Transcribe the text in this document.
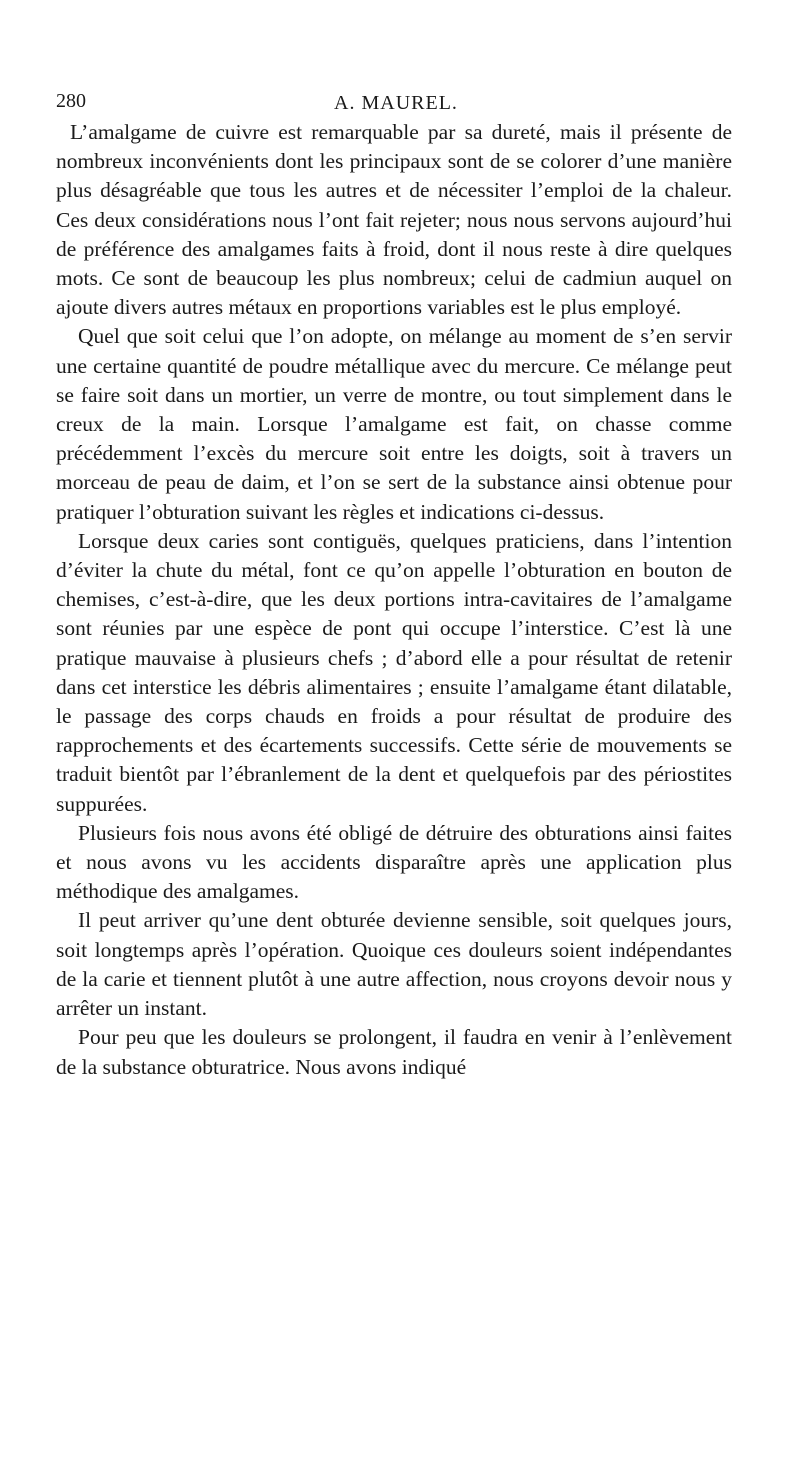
280	A. MAUREL.

L’amalgame de cuivre est remarquable par sa dureté, mais il présente de nombreux inconvénients dont les principaux sont de se colorer d’une manière plus désagréable que tous les autres et de nécessiter l’emploi de la chaleur. Ces deux considérations nous l’ont fait rejeter; nous nous servons aujourd’hui de préférence des amalgames faits à froid, dont il nous reste à dire quelques mots. Ce sont de beaucoup les plus nombreux; celui de cadmiun auquel on ajoute divers autres métaux en proportions variables est le plus employé.

Quel que soit celui que l’on adopte, on mélange au moment de s’en servir une certaine quantité de poudre métallique avec du mercure. Ce mélange peut se faire soit dans un mortier, un verre de montre, ou tout simplement dans le creux de la main. Lorsque l’amalgame est fait, on chasse comme précédemment l’excès du mercure soit entre les doigts, soit à travers un morceau de peau de daim, et l’on se sert de la substance ainsi obtenue pour pratiquer l’obturation suivant les règles et indications ci-dessus.

Lorsque deux caries sont contiguës, quelques praticiens, dans l’intention d’éviter la chute du métal, font ce qu’on appelle l’obturation en bouton de chemises, c’est-à-dire, que les deux portions intra-cavitaires de l’amalgame sont réunies par une espèce de pont qui occupe l’interstice. C’est là une pratique mauvaise à plusieurs chefs ; d’abord elle a pour résultat de retenir dans cet interstice les débris alimentaires ; ensuite l’amalgame étant dilatable, le passage des corps chauds en froids a pour résultat de produire des rapprochements et des écartements successifs. Cette série de mouvements se traduit bientôt par l’ébranlement de la dent et quelquefois par des périostites suppurées.

Plusieurs fois nous avons été obligé de détruire des obturations ainsi faites et nous avons vu les accidents disparaître après une application plus méthodique des amalgames.

Il peut arriver qu’une dent obturée devienne sensible, soit quelques jours, soit longtemps après l’opération. Quoique ces douleurs soient indépendantes de la carie et tiennent plutôt à une autre affection, nous croyons devoir nous y arrêter un instant.

Pour peu que les douleurs se prolongent, il faudra en venir à l’enlèvement de la substance obturatrice. Nous avons indiqué
